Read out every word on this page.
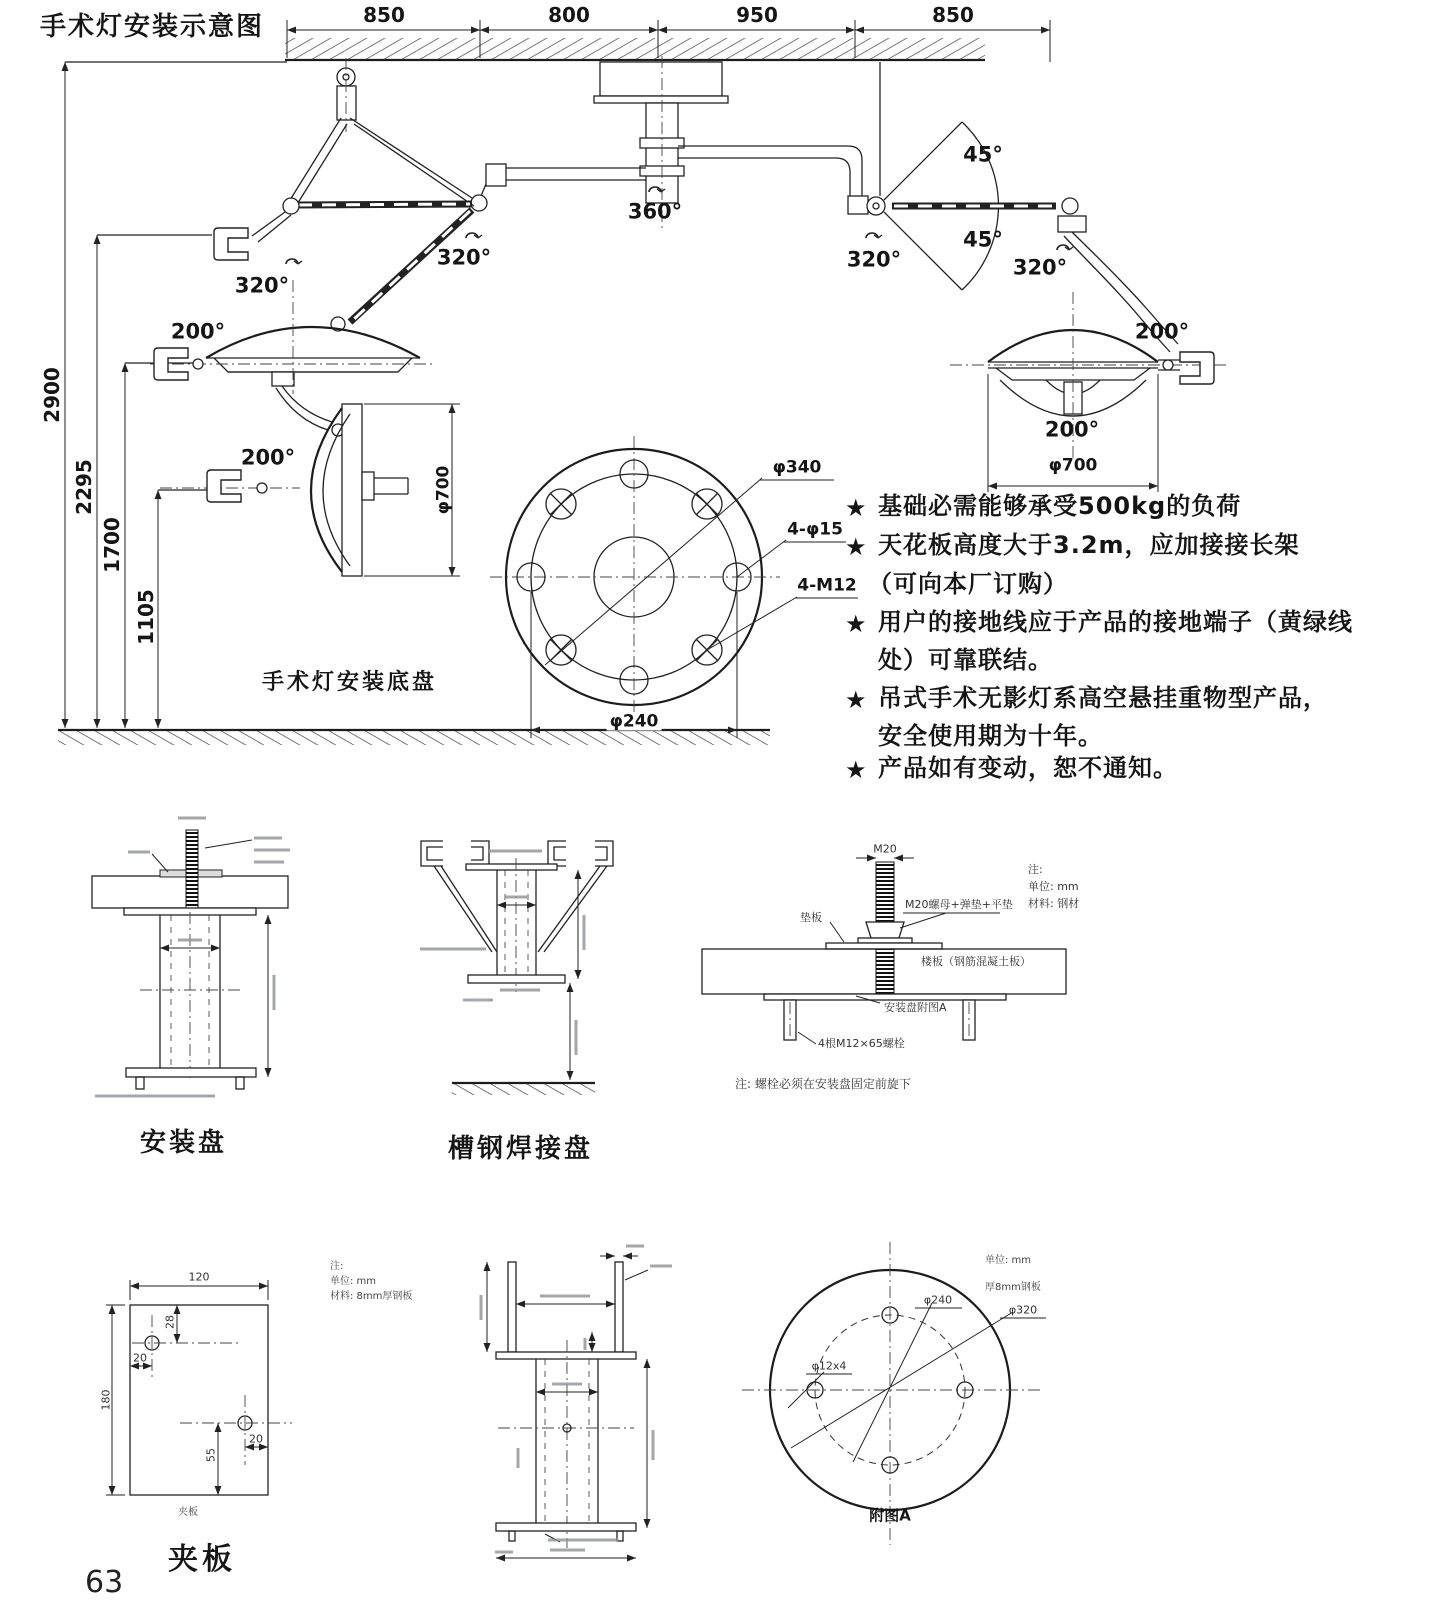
手术灯安装示意图	850	800	950	850
2900
2295
1700
1105
360°
45°
45°
320°
320°
320°	320°
200°
200°
200°
200°
φ700
φ700
φ340
4-φ15
4-M12
φ240
手术灯安装底盘
★ 基础必需能够承受500kg的负荷
★ 天花板高度大于3.2m，应加接接长架
（可向本厂订购）
★ 用户的接地线应于产品的接地端子（黄绿线
处）可靠联结。
★ 吊式手术无影灯系高空悬挂重物型产品，
安全使用期为十年。
★ 产品如有变动，恕不通知。
安装盘	槽钢焊接盘
M20
垫板
M20螺母+弹垫+平垫
楼板（钢筋混凝土板）
安装盘附图A
4根M12×65螺栓
注:
单位: mm
材料: 钢材
注: 螺栓必须在安装盘固定前旋下
120
180
28
20
20
55
注:
单位: mm
材料: 8mm厚钢板
夹板
夹板
φ240
φ320
φ12x4
单位: mm
厚8mm钢板
附图A
63
